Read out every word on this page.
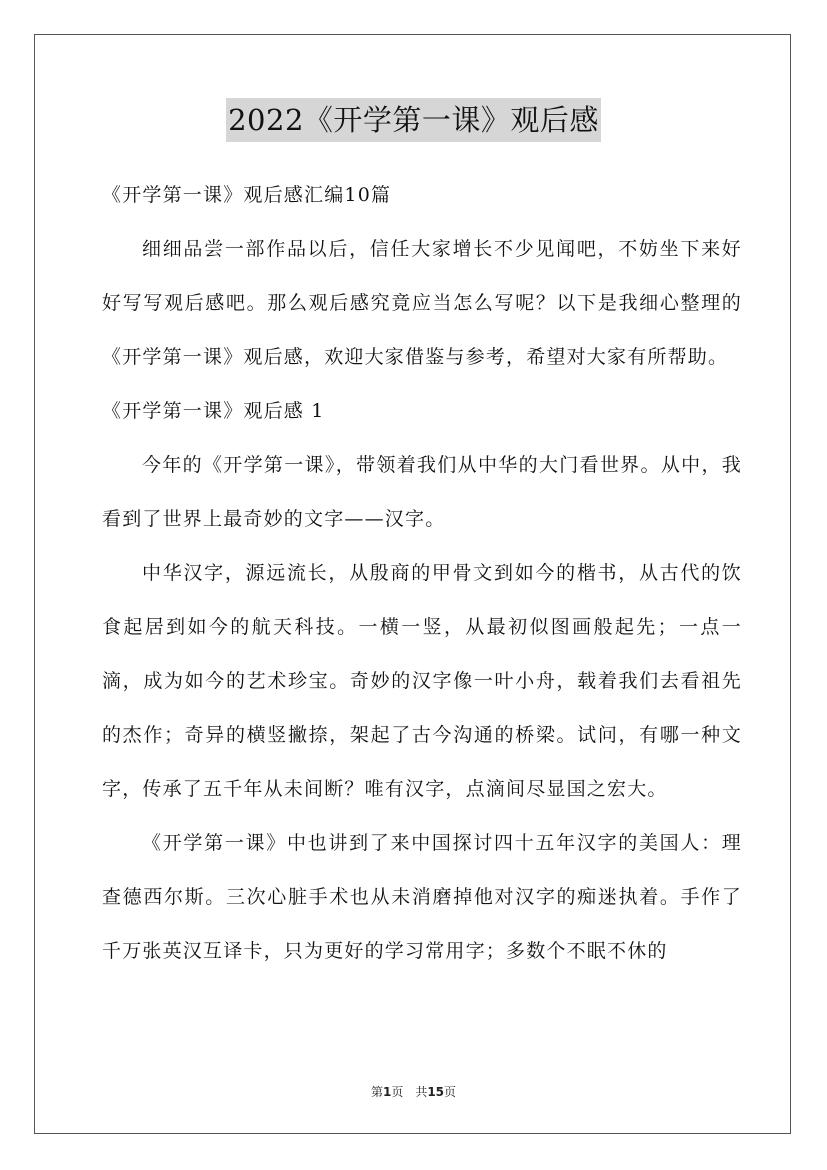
2022《开学第一课》观后感

《开学第一课》观后感汇编10篇

细细品尝一部作品以后，信任大家增长不少见闻吧，不妨坐下来好好写写观后感吧。那么观后感究竟应当怎么写呢？以下是我细心整理的《开学第一课》观后感，欢迎大家借鉴与参考，希望对大家有所帮助。

《开学第一课》观后感 1

今年的《开学第一课》，带领着我们从中华的大门看世界。从中，我看到了世界上最奇妙的文字——汉字。

中华汉字，源远流长，从殷商的甲骨文到如今的楷书，从古代的饮食起居到如今的航天科技。一横一竖，从最初似图画般起先；一点一滴，成为如今的艺术珍宝。奇妙的汉字像一叶小舟，载着我们去看祖先的杰作；奇异的横竖撇捺，架起了古今沟通的桥梁。试问，有哪一种文字，传承了五千年从未间断？唯有汉字，点滴间尽显国之宏大。

《开学第一课》中也讲到了来中国探讨四十五年汉字的美国人：理查德西尔斯。三次心脏手术也从未消磨掉他对汉字的痴迷执着。手作了千万张英汉互译卡，只为更好的学习常用字；多数个不眠不休的

第1页　共15页
